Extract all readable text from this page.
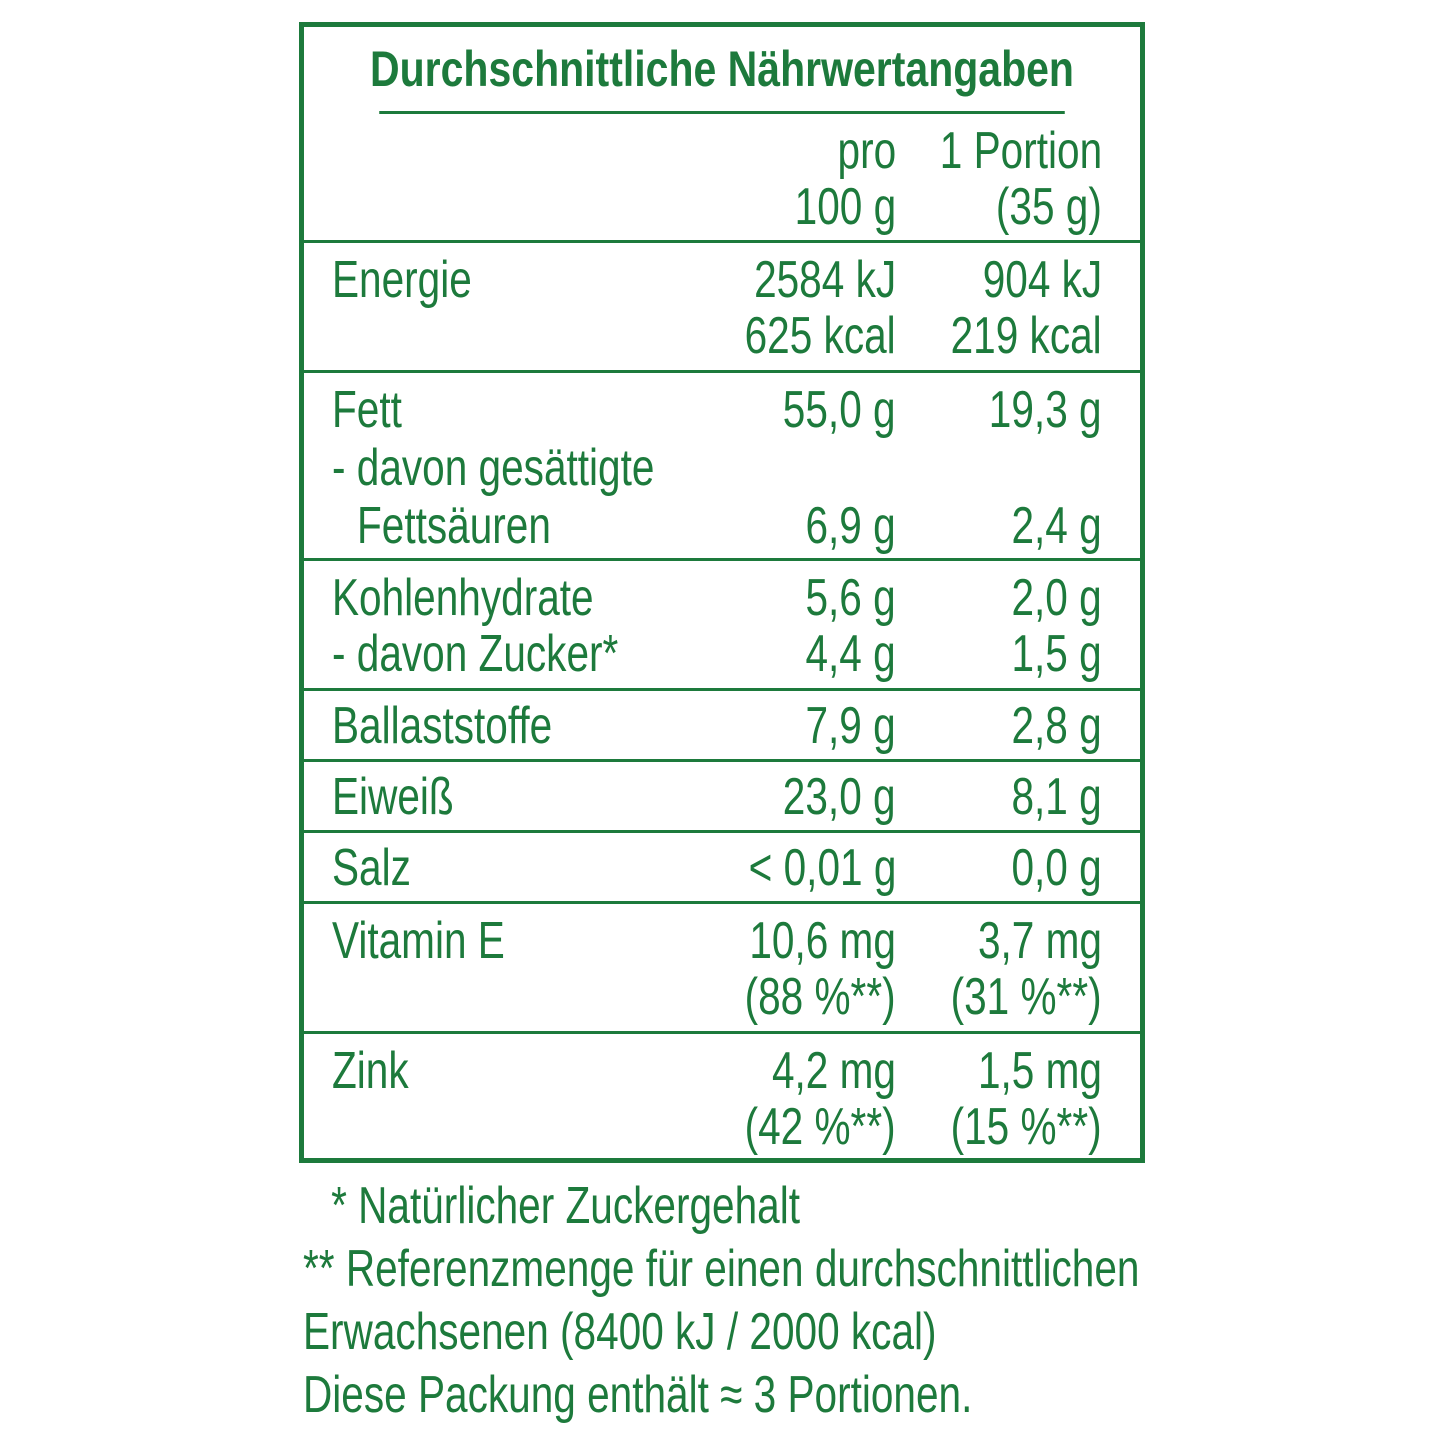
Durchschnittliche Nährwertangaben
pro 1 Portion
100 g (35 g)
Energie	2584 kJ 904 kJ
625 kcal 219 kcal
Fett	55,0 g 19,3 g
- davon gesättigte
Fettsäuren	6,9 g 2,4 g
Kohlenhydrate	5,6 g 2,0 g
- davon Zucker*	4,4 g 1,5 g
Ballaststoffe	7,9 g 2,8 g
Eiweiß	23,0 g 8,1 g
Salz	< 0,01 g 0,0 g
Vitamin E	10,6 mg 3,7 mg
(88 %**) (31 %**)
Zink	4,2 mg 1,5 mg
(42 %**) (15 %**)
* Natürlicher Zuckergehalt
** Referenzmenge für einen durchschnittlichen
Erwachsenen (8400 kJ / 2000 kcal)
Diese Packung enthält ≈ 3 Portionen.
